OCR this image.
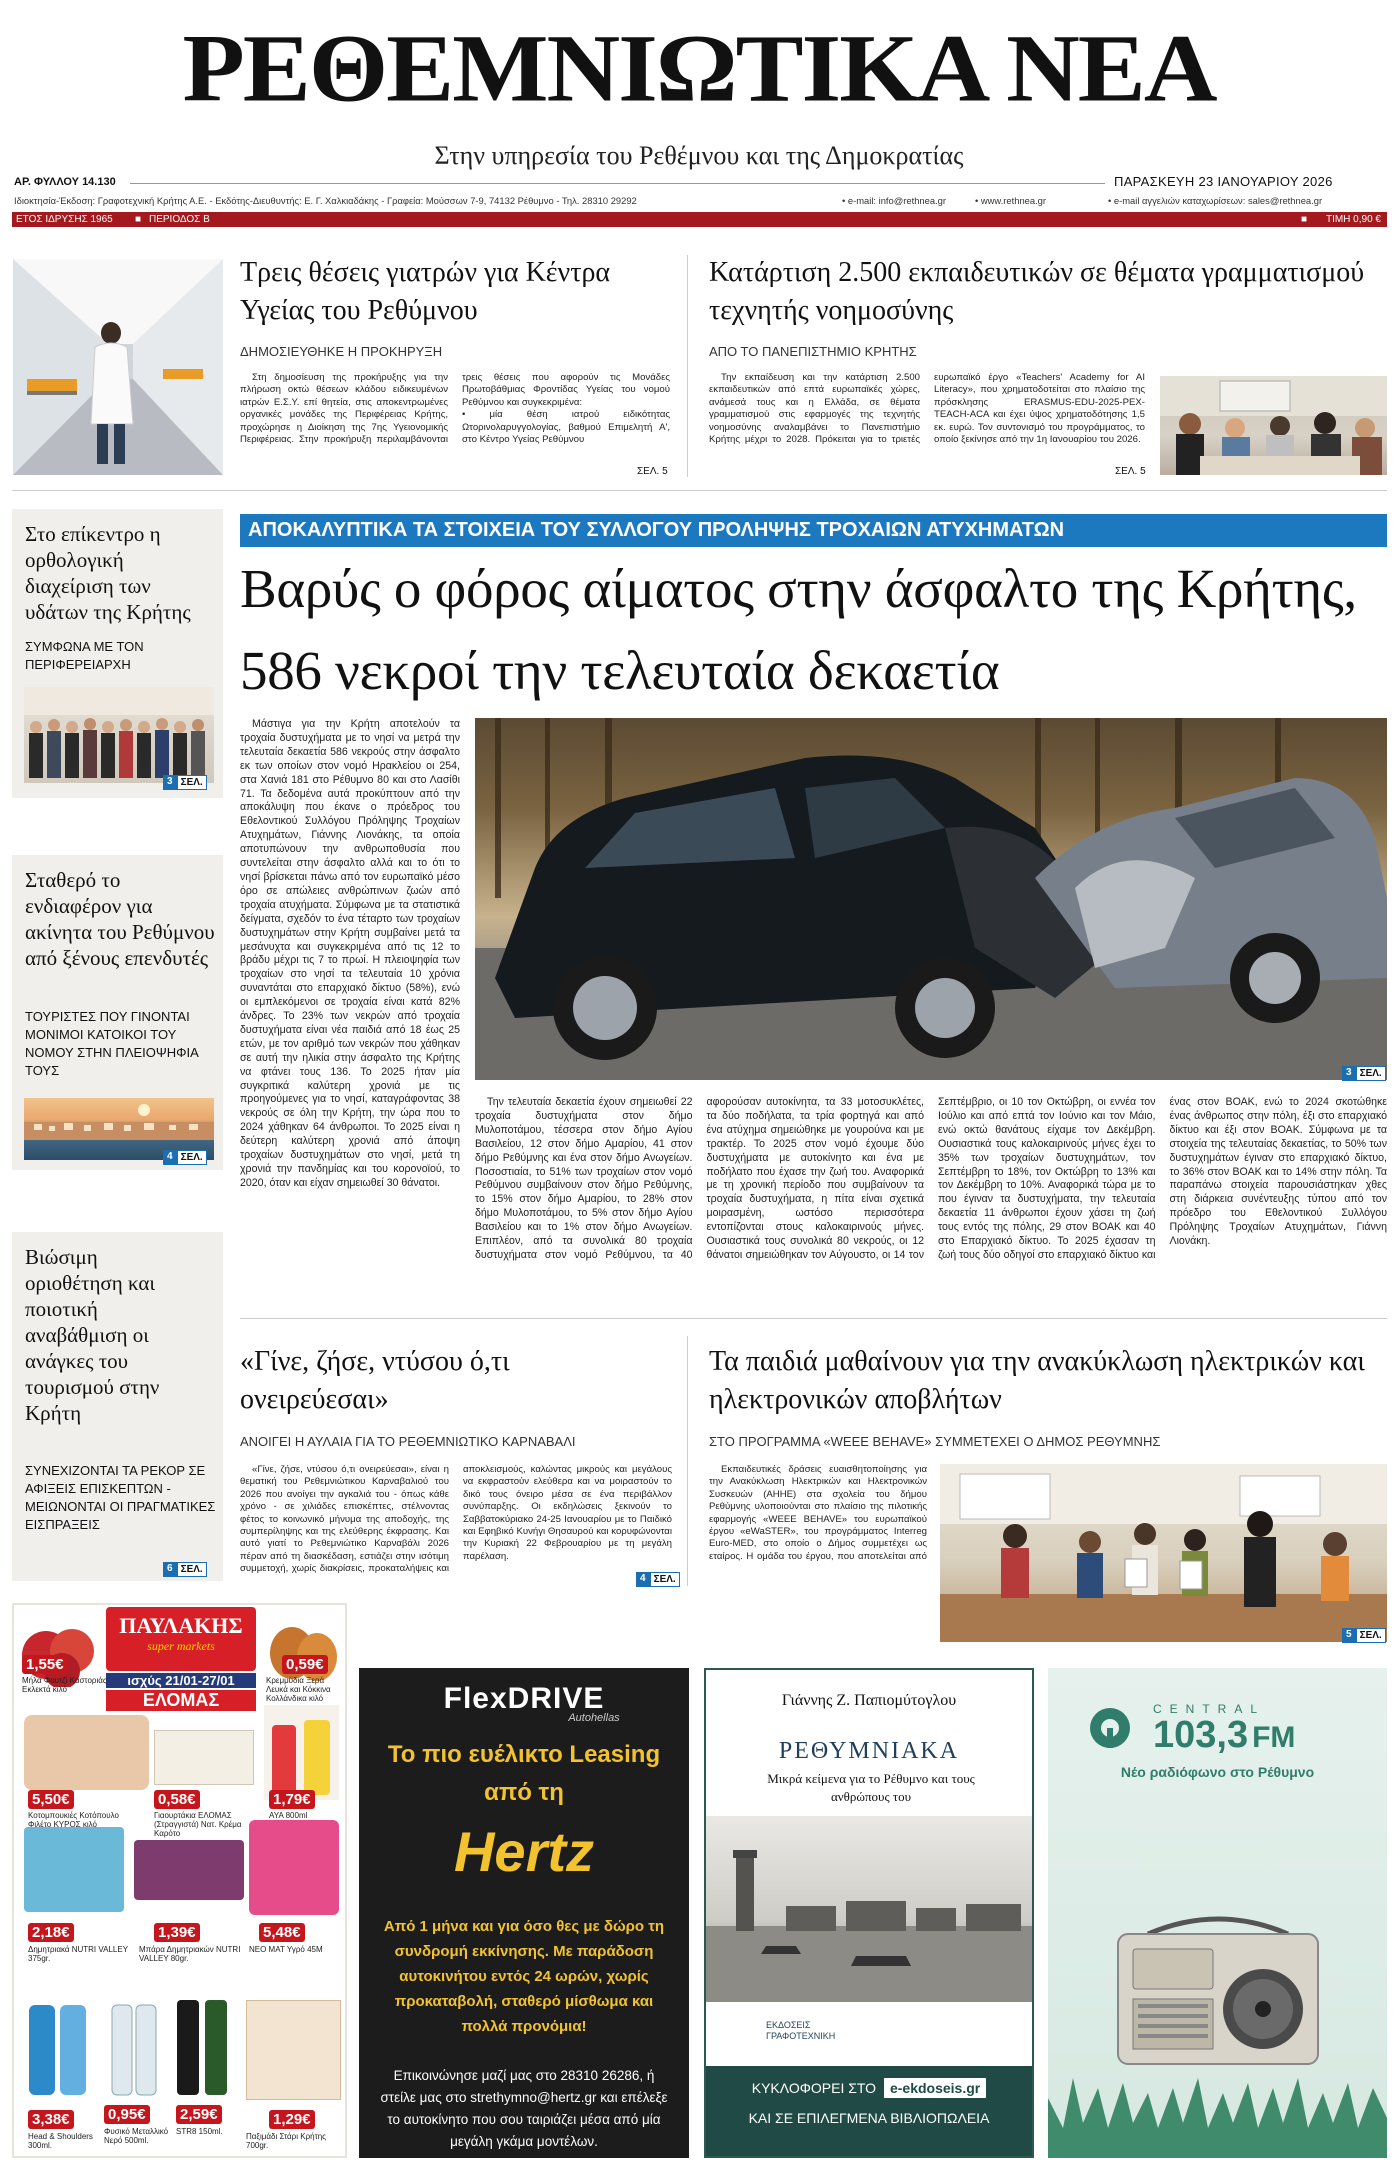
ΡΕΘΕΜΝΙΩΤΙΚΑ ΝΕΑ
Στην υπηρεσία του Ρεθέμνου και της Δημοκρατίας
ΑΡ. ΦΥΛΛΟΥ 14.130	ΠΑΡΑΣΚΕΥΗ 23 ΙΑΝΟΥΑΡΙΟΥ 2026
Ιδιοκτησία-Έκδοση: Γραφοτεχνική Κρήτης Α.Ε. - Εκδότης-Διευθυντής: Ε. Γ. Χαλκιαδάκης - Γραφεία: Μούσσων 7-9, 74132 Ρέθυμνο - Τηλ. 28310 29292	• e-mail: info@rethnea.gr	• www.rethnea.gr	• e-mail αγγελιών καταχωρίσεων: sales@rethnea.gr
ΕΤΟΣ ΙΔΡΥΣΗΣ 1965 ■ ΠΕΡΙΟΔΟΣ Β	■ ΤΙΜΗ 0,90 €
Τρεις θέσεις γιατρών για Κέντρα Υγείας του Ρεθύμνου
ΔΗΜΟΣΙΕΥΘΗΚΕ Η ΠΡΟΚΗΡΥΞΗ

Στη δημοσίευση της προκήρυξης για την πλήρωση οκτώ θέσεων κλάδου ειδικευμένων ιατρών Ε.Σ.Υ. επί θητεία, στις αποκεντρωμένες οργανικές μονάδες της Περιφέρειας Κρήτης, προχώρησε η Διοίκηση της 7ης Υγειονομικής Περιφέρειας. Στην προκήρυξη περιλαμβάνονται τρεις θέσεις που αφορούν τις Μονάδες Πρωτοβάθμιας Φροντίδας Υγείας του νομού Ρεθύμνου και συγκεκριμένα:

• μία θέση ιατρού ειδικότητας Ωτορινολαρυγγολογίας, βαθμού Επιμελητή Α', στο Κέντρο Υγείας Ρεθύμνου

ΣΕΛ. 5
Κατάρτιση 2.500 εκπαιδευτικών σε θέματα γραμματισμού τεχνητής νοημοσύνης
ΑΠΟ ΤΟ ΠΑΝΕΠΙΣΤΗΜΙΟ ΚΡΗΤΗΣ

Την εκπαίδευση και την κατάρτιση 2.500 εκπαιδευτικών από επτά ευρωπαϊκές χώρες, ανάμεσά τους και η Ελλάδα, σε θέματα γραμματισμού στις εφαρμογές της τεχνητής νοημοσύνης αναλαμβάνει το Πανεπιστήμιο Κρήτης μέχρι το 2028. Πρόκειται για το τριετές ευρωπαϊκό έργο «Teachers' Academy for AI Literacy», που χρηματοδοτείται στο πλαίσιο της πρόσκλησης ERASMUS-EDU-2025-PEX-TEACH-ACA και έχει ύψος χρηματοδότησης 1,5 εκ. ευρώ. Τον συντονισμό του προγράμματος, το οποίο ξεκίνησε από την 1η Ιανουαρίου του 2026.

ΣΕΛ. 5
Στο επίκεντρο η ορθολογική διαχείριση των υδάτων της Κρήτης
ΣΥΜΦΩΝΑ ΜΕ ΤΟΝ ΠΕΡΙΦΕΡΕΙΑΡΧΗ
3 ΣΕΛ.
Σταθερό το ενδιαφέρον για ακίνητα του Ρεθύμνου από ξένους επενδυτές
ΤΟΥΡΙΣΤΕΣ ΠΟΥ ΓΙΝΟΝΤΑΙ ΜΟΝΙΜΟΙ ΚΑΤΟΙΚΟΙ ΤΟΥ ΝΟΜΟΥ ΣΤΗΝ ΠΛΕΙΟΨΗΦΙΑ ΤΟΥΣ
4 ΣΕΛ.
Βιώσιμη οριοθέτηση και ποιοτική αναβάθμιση οι ανάγκες του τουρισμού στην Κρήτη
ΣΥΝΕΧΙΖΟΝΤΑΙ ΤΑ ΡΕΚΟΡ ΣΕ ΑΦΙΞΕΙΣ ΕΠΙΣΚΕΠΤΩΝ - ΜΕΙΩΝΟΝΤΑΙ ΟΙ ΠΡΑΓΜΑΤΙΚΕΣ ΕΙΣΠΡΑΞΕΙΣ
6 ΣΕΛ.
ΑΠΟΚΑΛΥΠΤΙΚΑ ΤΑ ΣΤΟΙΧΕΙΑ ΤΟΥ ΣΥΛΛΟΓΟΥ ΠΡΟΛΗΨΗΣ ΤΡΟΧΑΙΩΝ ΑΤΥΧΗΜΑΤΩΝ
Βαρύς ο φόρος αίματος στην άσφαλτο της Κρήτης, 586 νεκροί την τελευταία δεκαετία

Μάστιγα για την Κρήτη αποτελούν τα τροχαία δυστυχήματα με το νησί να μετρά την τελευταία δεκαετία 586 νεκρούς στην άσφαλτο εκ των οποίων στον νομό Ηρακλείου οι 254, στα Χανιά 181 στο Ρέθυμνο 80 και στο Λασίθι 71. Τα δεδομένα αυτά προκύπτουν από την αποκάλυψη που έκανε ο πρόεδρος του Εθελοντικού Συλλόγου Πρόληψης Τροχαίων Ατυχημάτων, Γιάννης Λιονάκης, τα οποία αποτυπώνουν την ανθρωποθυσία που συντελείται στην άσφαλτο αλλά και το ότι το νησί βρίσκεται πάνω από τον ευρωπαϊκό μέσο όρο σε απώλειες ανθρώπινων ζωών από τροχαία ατυχήματα. Σύμφωνα με τα στατιστικά δείγματα, σχεδόν το ένα τέταρτο των τροχαίων δυστυχημάτων στην Κρήτη συμβαίνει μετά τα μεσάνυχτα και συγκεκριμένα από τις 12 το βράδυ μέχρι τις 7 το πρωί. Η πλειοψηφία των τροχαίων στο νησί τα τελευταία 10 χρόνια συναντάται στο επαρχιακό δίκτυο (58%), ενώ οι εμπλεκόμενοι σε τροχαία είναι κατά 82% άνδρες. Το 23% των νεκρών από τροχαία δυστυχήματα είναι νέα παιδιά από 18 έως 25 ετών, με τον αριθμό των νεκρών που χάθηκαν σε αυτή την ηλικία στην άσφαλτο της Κρήτης να φτάνει τους 136. Το 2025 ήταν μία συγκριτικά καλύτερη χρονιά με τις προηγούμενες για το νησί, καταγράφοντας 38 νεκρούς σε όλη την Κρήτη, την ώρα που το 2024 χάθηκαν 64 άνθρωποι. Το 2025 είναι η δεύτερη καλύτερη χρονιά από άποψη τροχαίων δυστυχημάτων στο νησί, μετά τη χρονιά την πανδημίας και του κορονοϊού, το 2020, όταν και είχαν σημειωθεί 30 θάνατοι.

3 ΣΕΛ.

Την τελευταία δεκαετία έχουν σημειωθεί 22 τροχαία δυστυχήματα στον δήμο Μυλοποτάμου, τέσσερα στον δήμο Αγίου Βασιλείου, 12 στον δήμο Αμαρίου, 41 στον δήμο Ρεθύμνης και ένα στον δήμο Ανωγείων. Ποσοστιαία, το 51% των τροχαίων στον νομό Ρεθύμνου συμβαίνουν στον δήμο Ρεθύμνης, το 15% στον δήμο Αμαρίου, το 28% στον δήμο Μυλοποτάμου, το 5% στον δήμο Αγίου Βασιλείου και το 1% στον δήμο Ανωγείων. Επιπλέον, από τα συνολικά 80 τροχαία δυστυχήματα στον νομό Ρεθύμνου, τα 40 αφορούσαν αυτοκίνητα, τα 33 μοτοσυκλέτες, τα δύο ποδήλατα, τα τρία φορτηγά και από ένα ατύχημα σημειώθηκε με γουρούνα και με τρακτέρ. Το 2025 στον νομό έχουμε δύο δυστυχήματα με αυτοκίνητο και ένα με ποδήλατο που έχασε την ζωή του. Αναφορικά με τη χρονική περίοδο που συμβαίνουν τα τροχαία δυστυχήματα, η πίτα είναι σχετικά μοιρασμένη, ωστόσο περισσότερα εντοπίζονται στους καλοκαιρινούς μήνες. Ουσιαστικά τους συνολικά 80 νεκρούς, οι 12 θάνατοι σημειώθηκαν τον Αύγουστο, οι 14 τον Σεπτέμβριο, οι 10 τον Οκτώβρη, οι εννέα τον Ιούλιο και από επτά τον Ιούνιο και τον Μάιο, ενώ οκτώ θανάτους είχαμε τον Δεκέμβρη. Ουσιαστικά τους καλοκαιρινούς μήνες έχει το 35% των τροχαίων δυστυχημάτων, τον Σεπτέμβρη το 18%, τον Οκτώβρη το 13% και τον Δεκέμβρη το 10%. Αναφορικά τώρα με το που έγιναν τα δυστυχήματα, την τελευταία δεκαετία 11 άνθρωποι έχουν χάσει τη ζωή τους εντός της πόλης, 29 στον ΒΟΑΚ και 40 στο Επαρχιακό δίκτυο. Το 2025 έχασαν τη ζωή τους δύο οδηγοί στο επαρχιακό δίκτυο και ένας στον ΒΟΑΚ, ενώ το 2024 σκοτώθηκε ένας άνθρωπος στην πόλη, έξι στο επαρχιακό δίκτυο και έξι στον ΒΟΑΚ. Σύμφωνα με τα στοιχεία της τελευταίας δεκαετίας, το 50% των δυστυχημάτων έγιναν στο επαρχιακό δίκτυο, το 36% στον ΒΟΑΚ και το 14% στην πόλη. Τα παραπάνω στοιχεία παρουσιάστηκαν χθες στη διάρκεια συνέντευξης τύπου από τον πρόεδρο του Εθελοντικού Συλλόγου Πρόληψης Τροχαίων Ατυχημάτων, Γιάννη Λιονάκη.

«Γίνε, ζήσε, ντύσου ό,τι ονειρεύεσαι»
ΑΝΟΙΓΕΙ Η ΑΥΛΑΙΑ ΓΙΑ ΤΟ ΡΕΘΕΜΝΙΩΤΙΚΟ ΚΑΡΝΑΒΑΛΙ

«Γίνε, ζήσε, ντύσου ό,τι ονειρεύεσαι», είναι η θεματική του Ρεθεμνιώτικου Καρναβαλιού του 2026 που ανοίγει την αγκαλιά του - όπως κάθε χρόνο - σε χιλιάδες επισκέπτες, στέλνοντας φέτος το κοινωνικό μήνυμα της αποδοχής, της συμπερίληψης και της ελεύθερης έκφρασης. Και αυτό γιατί το Ρεθεμνιώτικο Καρναβάλι 2026 πέραν από τη διασκέδαση, εστιάζει στην ισότιμη συμμετοχή, χωρίς διακρίσεις, προκαταλήψεις και αποκλεισμούς, καλώντας μικρούς και μεγάλους να εκφραστούν ελεύθερα και να μοιραστούν το δικό τους όνειρο μέσα σε ένα περιβάλλον συνύπαρξης. Οι εκδηλώσεις ξεκινούν το Σαββατοκύριακο 24-25 Ιανουαρίου με το Παιδικό και Εφηβικό Κυνήγι Θησαυρού και κορυφώνονται την Κυριακή 22 Φεβρουαρίου με τη μεγάλη παρέλαση.

4 ΣΕΛ.
Τα παιδιά μαθαίνουν για την ανακύκλωση ηλεκτρικών και ηλεκτρονικών αποβλήτων
ΣΤΟ ΠΡΟΓΡΑΜΜΑ «WEEE BEHAVE» ΣΥΜΜΕΤΕΧΕΙ Ο ΔΗΜΟΣ ΡΕΘΥΜΝΗΣ

Εκπαιδευτικές δράσεις ευαισθητοποίησης για την Ανακύκλωση Ηλεκτρικών και Ηλεκτρονικών Συσκευών (ΑΗΗΕ) στα σχολεία του δήμου Ρεθύμνης υλοποιούνται στο πλαίσιο της πιλοτικής εφαρμογής «WEEE BEHAVE» του ευρωπαϊκού έργου «eWaSTER», του προγράμματος Interreg Euro-MED, στο οποίο ο Δήμος συμμετέχει ως εταίρος. Η ομάδα του έργου, που αποτελείται από

5 ΣΕΛ.
ΠΑΥΛΑΚΗΣ
super markets
ισχύς 21/01-27/01
ΕΛΟΜΑΣ
1,55€
Μήλα Φουτζί Καστοριάς Εκλεκτά κιλό
0,59€
Κρεμμύδια Ξερά Λευκά και Κόκκινα Κολλάνδικα κιλό
5,50€
Κοτομπουκιές Κοτόπουλο Φιλέτο ΚΥΡΟΣ κιλό
0,58€
Γιαουρτάκια ΕΛΟΜΑΣ (Στραγγιστά) Νατ. Κρέμα Καρότο
1,79€
AYA 800ml
2,18€
Δημητριακά NUTRI VALLEY 375gr.
1,39€
Μπάρα Δημητριακών NUTRI VALLEY 80gr.
5,48€
NEO MAT Υγρό 45Μ
3,38€
Head & Shoulders 300ml.
0,95€
Φυσικό Μεταλλικό Νερό 500ml.
2,59€
STR8 150ml.
1,29€
Παξιμάδι Στάρι Κρήτης 700gr.
FlexDRIVE
Autohellas
Το πιο ευέλικτο Leasing από τη
Hertz
Από 1 μήνα και για όσο θες με δώρο τη συνδρομή εκκίνησης. Με παράδοση αυτοκινήτου εντός 24 ωρών, χωρίς προκαταβολή, σταθερό μίσθωμα και πολλά προνόμια!
Επικοινώνησε μαζί μας στο 28310 26286, ή στείλε μας στο strethymno@hertz.gr και επέλεξε το αυτοκίνητο που σου ταιριάζει μέσα από μία μεγάλη γκάμα μοντέλων.
Γιάννης Ζ. Παπιομύτογλου
ΡΕΘΥΜΝΙΑΚΑ
Μικρά κείμενα για το Ρέθυμνο και τους ανθρώπους του
ΕΚΔΟΣΕΙΣ ΓΡΑΦΟΤΕΧΝΙΚΗ
ΚΥΚΛΟΦΟΡΕΙ ΣΤΟ e-ekdoseis.gr
ΚΑΙ ΣΕ ΕΠΙΛΕΓΜΕΝΑ ΒΙΒΛΙΟΠΩΛΕΙΑ
CENTRAL
103,3 FM
Νέο ραδιόφωνο στο Ρέθυμνο
